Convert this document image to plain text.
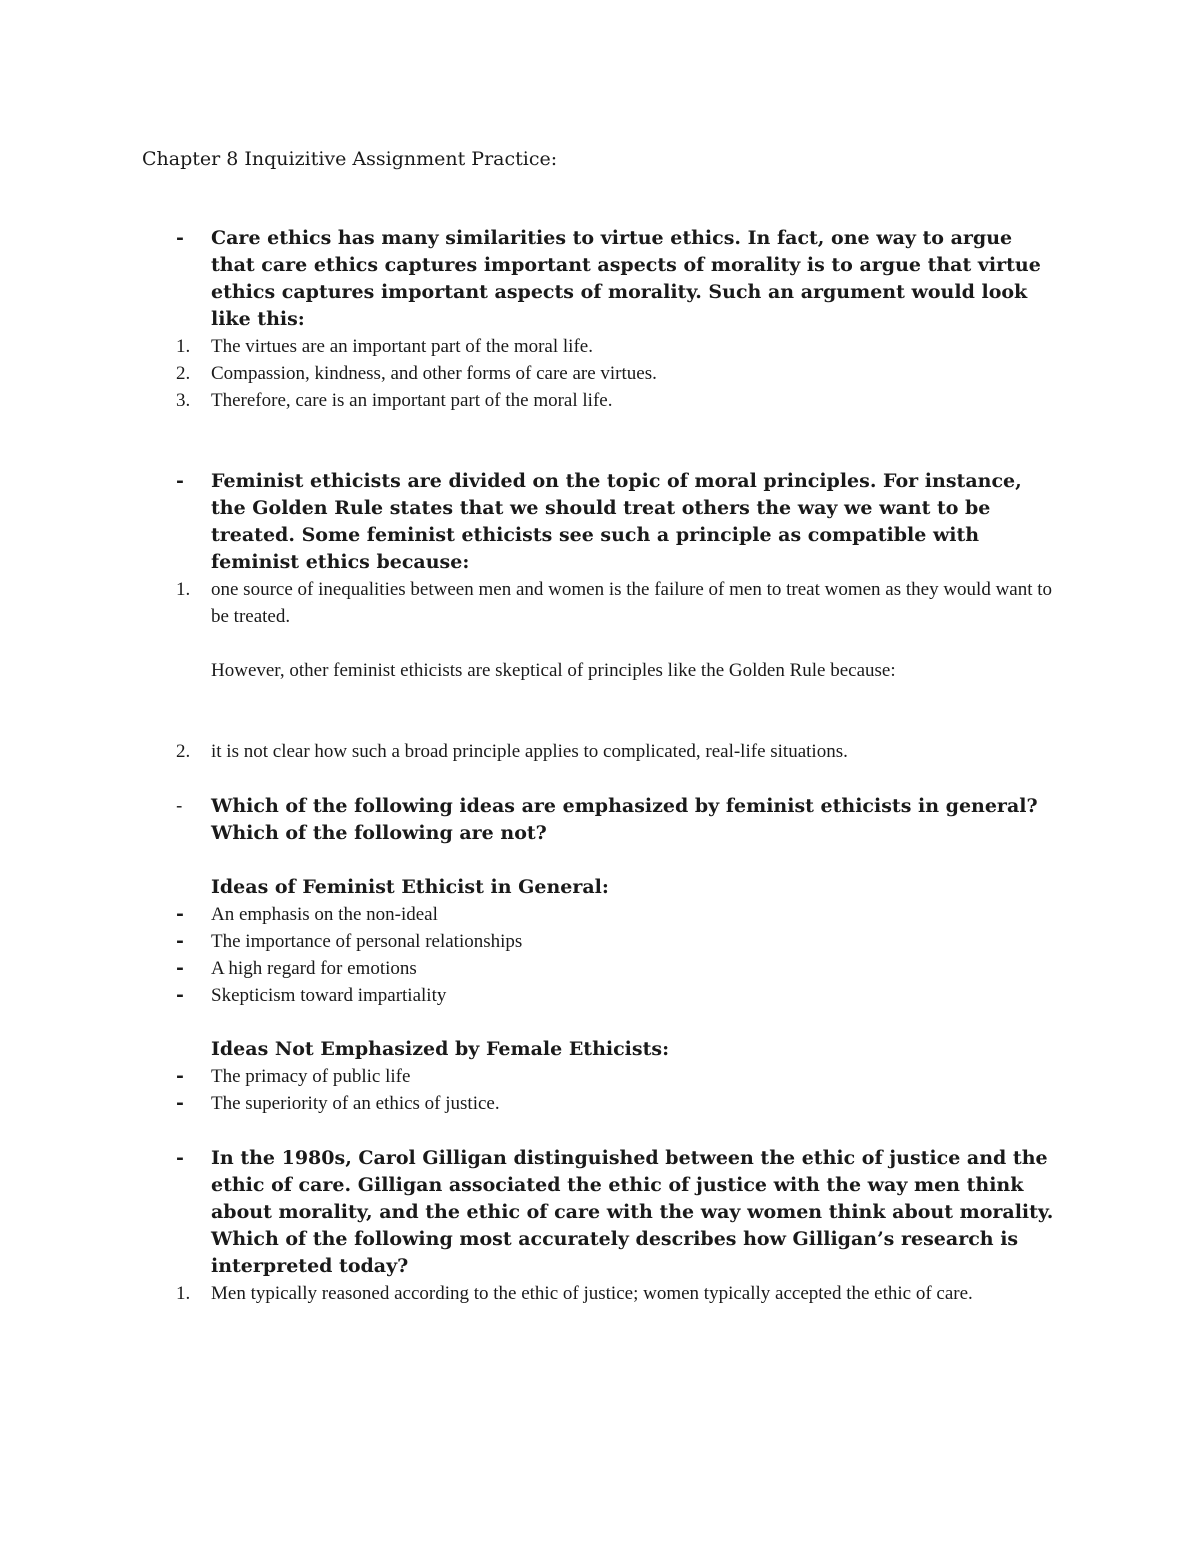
Chapter 8 Inquizitive Assignment Practice:
-	Care ethics has many similarities to virtue ethics. In fact, one way to argue that care ethics captures important aspects of morality is to argue that virtue ethics captures important aspects of morality. Such an argument would look like this:
1.	The virtues are an important part of the moral life.
2.	Compassion, kindness, and other forms of care are virtues.
3.	Therefore, care is an important part of the moral life.
-	Feminist ethicists are divided on the topic of moral principles. For instance, the Golden Rule states that we should treat others the way we want to be treated. Some feminist ethicists see such a principle as compatible with feminist ethics because:
1.	one source of inequalities between men and women is the failure of men to treat women as they would want to be treated.
However, other feminist ethicists are skeptical of principles like the Golden Rule because:
2.	it is not clear how such a broad principle applies to complicated, real-life situations.
-	Which of the following ideas are emphasized by feminist ethicists in general? Which of the following are not?
Ideas of Feminist Ethicist in General:
-	An emphasis on the non-ideal
-	The importance of personal relationships
-	A high regard for emotions
-	Skepticism toward impartiality
Ideas Not Emphasized by Female Ethicists:
-	The primacy of public life
-	The superiority of an ethics of justice.
-	In the 1980s, Carol Gilligan distinguished between the ethic of justice and the ethic of care. Gilligan associated the ethic of justice with the way men think about morality, and the ethic of care with the way women think about morality. Which of the following most accurately describes how Gilligan’s research is interpreted today?
1.	Men typically reasoned according to the ethic of justice; women typically accepted the ethic of care.
